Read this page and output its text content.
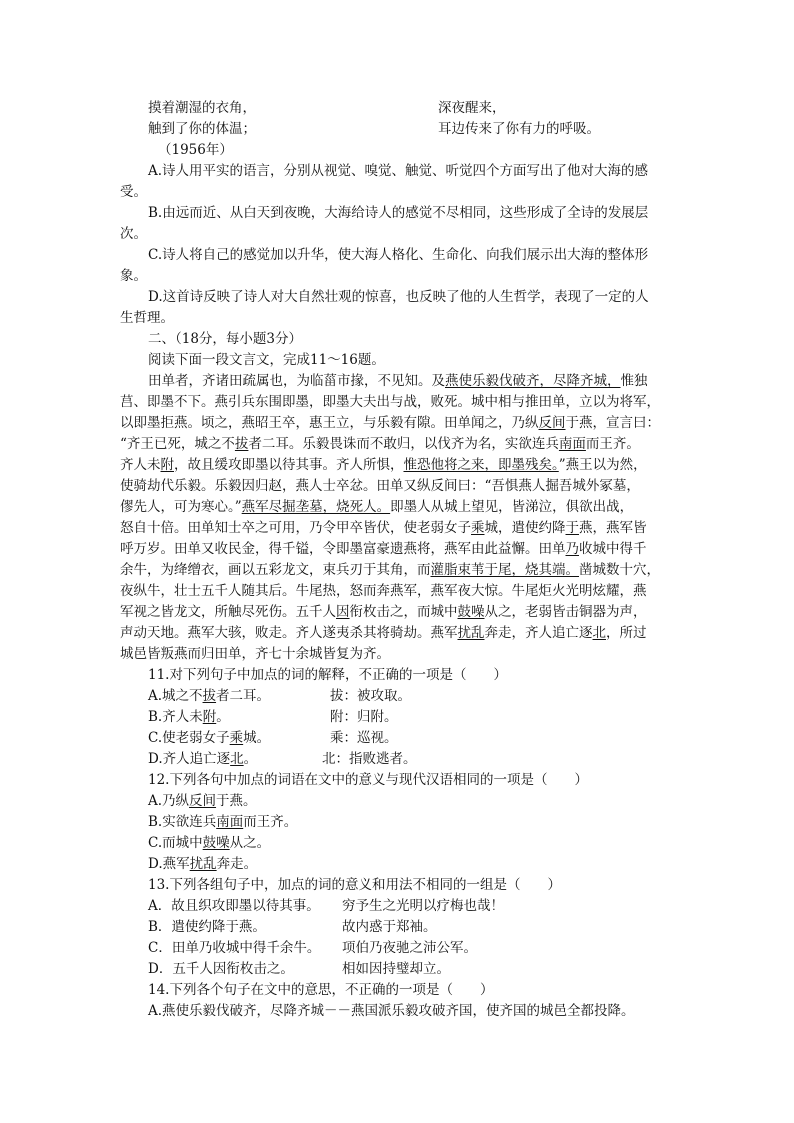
摸着潮湿的衣角，	深夜醒来，
触到了你的体温；	耳边传来了你有力的呼吸。
（1956年）
A.诗人用平实的语言，分别从视觉、嗅觉、触觉、听觉四个方面写出了他对大海的感
受。
B.由远而近、从白天到夜晚，大海给诗人的感觉不尽相同，这些形成了全诗的发展层
次。
C.诗人将自己的感觉加以升华，使大海人格化、生命化、向我们展示出大海的整体形
象。
D.这首诗反映了诗人对大自然壮观的惊喜，也反映了他的人生哲学，表现了一定的人
生哲理。
二、（18分，每小题3分）
阅读下面一段文言文，完成11～16题。
田单者，齐诸田疏属也，为临菑市掾，不见知。及燕使乐毅伐破齐，尽降齐城，惟独
莒、即墨不下。燕引兵东围即墨，即墨大夫出与战，败死。城中相与推田单，立以为将军，
以即墨拒燕。顷之，燕昭王卒，惠王立，与乐毅有隙。田单闻之，乃纵反间于燕，宣言曰：
“齐王已死，城之不拔者二耳。乐毅畏诛而不敢归，以伐齐为名，实欲连兵南面而王齐。
齐人未附，故且缓攻即墨以待其事。齐人所惧，惟恐他将之来，即墨残矣。”燕王以为然，
使骑劫代乐毅。乐毅因归赵，燕人士卒忿。田单又纵反间曰：“吾惧燕人掘吾城外冢墓，
僇先人，可为寒心。”燕军尽掘垄墓，烧死人。即墨人从城上望见，皆涕泣，俱欲出战，
怒自十倍。田单知士卒之可用，乃令甲卒皆伏，使老弱女子乘城，遣使约降于燕，燕军皆
呼万岁。田单又收民金，得千镒，令即墨富豪遗燕将，燕军由此益懈。田单乃收城中得千
余牛，为绛缯衣，画以五彩龙文，束兵刃于其角，而灌脂束苇于尾，烧其端。凿城数十穴，
夜纵牛，壮士五千人随其后。牛尾热，怒而奔燕军，燕军夜大惊。牛尾炬火光明炫耀，燕
军视之皆龙文，所触尽死伤。五千人因衔枚击之，而城中鼓噪从之，老弱皆击铜器为声，
声动天地。燕军大骇，败走。齐人遂夷杀其将骑劫。燕军扰乱奔走，齐人追亡逐北，所过
城邑皆叛燕而归田单，齐七十余城皆复为齐。
11.对下列句子中加点的词的解释，不正确的一项是（　　）
A.城之不拔者二耳。	拔：被攻取。
B.齐人未附。	附：归附。
C.使老弱女子乘城。	乘：巡视。
D.齐人追亡逐北。	北：指败逃者。
12.下列各句中加点的词语在文中的意义与现代汉语相同的一项是（　　）
A.乃纵反间于燕。
B.实欲连兵南面而王齐。
C.而城中鼓噪从之。
D.燕军扰乱奔走。
13.下列各组句子中，加点的词的意义和用法不相同的一组是（　　）
A．故且织攻即墨以待其事。 穷予生之光明以疗梅也哉！
B．遣使约降于燕。	故内惑于郑袖。
C．田单乃收城中得千余牛。 项伯乃夜驰之沛公军。
D．五千人因衔枚击之。	相如因持璧却立。
14.下列各个句子在文中的意思，不正确的一项是（　　）
A.燕使乐毅伐破齐，尽降齐城－－燕国派乐毅攻破齐国，使齐国的城邑全都投降。
